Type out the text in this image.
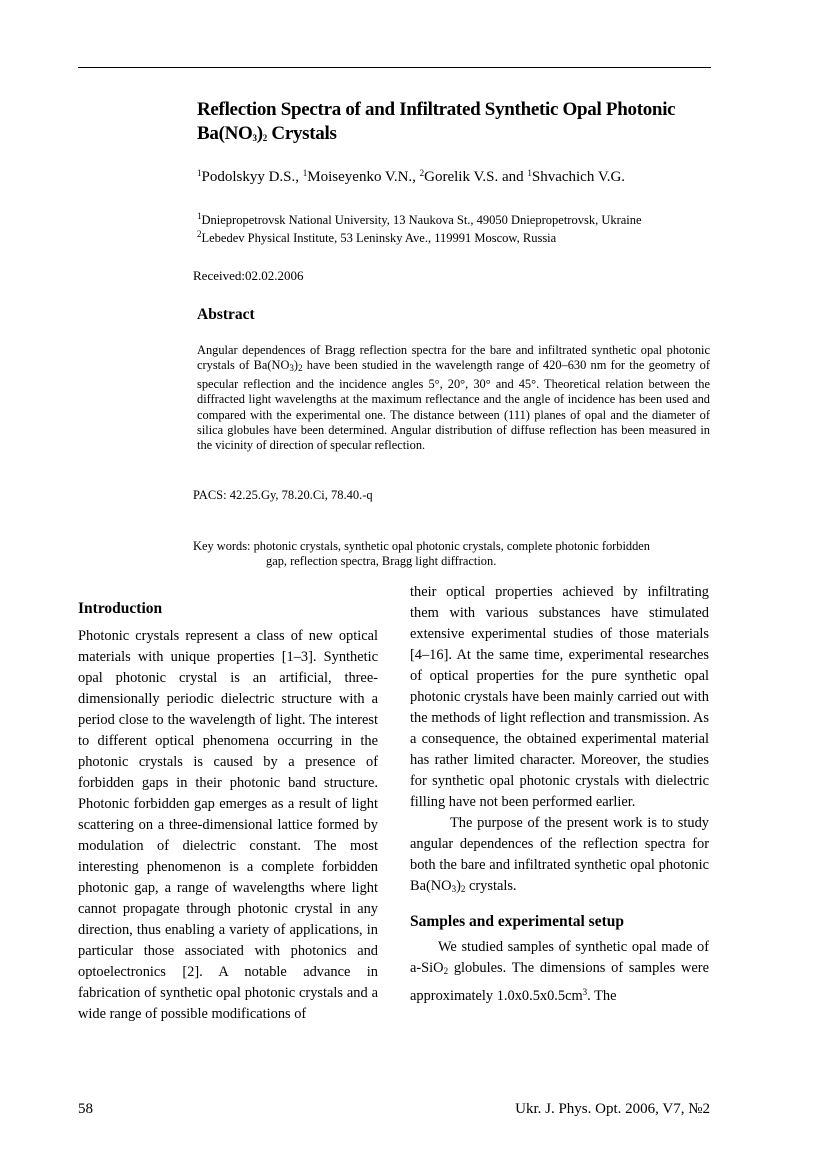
Reflection Spectra of and Infiltrated Synthetic Opal Photonic
$Ba(NO_3)_2$ Crystals
$^1$Podolskyy D.S., $^1$Moiseyenko V.N., $^2$Gorelik V.S. and $^1$Shvachich V.G.
$^1$Dniepropetrovsk National University, 13 Naukova St., 49050 Dniepropetrovsk, Ukraine
$^2$Lebedev Physical Institute, 53 Leninsky Ave., 119991 Moscow, Russia
Received:02.02.2006
Abstract
Angular dependences of Bragg reflection spectra for the bare and infiltrated synthetic opal photonic crystals of $Ba(NO_3)_2$ have been studied in the wavelength range of 420–630 nm for the geometry of specular reflection and the incidence angles 5°, 20°, 30° and 45°. Theoretical relation between the diffracted light wavelengths at the maximum reflectance and the angle of incidence has been used and compared with the experimental one. The distance between (111) planes of opal and the diameter of silica globules have been determined. Angular distribution of diffuse reflection has been measured in the vicinity of direction of specular reflection.
PACS: 42.25.Gy, 78.20.Ci, 78.40.-q
Key words: photonic crystals, synthetic opal photonic crystals, complete photonic forbidden
gap, reflection spectra, Bragg light diffraction.
Introduction

Photonic crystals represent a class of new optical materials with unique properties [1–3]. Synthetic opal photonic crystal is an artificial, three-dimensionally periodic dielectric structure with a period close to the wavelength of light. The interest to different optical phenomena occurring in the photonic crystals is caused by a presence of forbidden gaps in their photonic band structure. Photonic forbidden gap emerges as a result of light scattering on a three-dimensional lattice formed by modulation of dielectric constant. The most interesting phenomenon is a complete forbidden photonic gap, a range of wavelengths where light cannot propagate through photonic crystal in any direction, thus enabling a variety of applications, in particular those associated with photonics and optoelectronics [2]. A notable advance in fabrication of synthetic opal photonic crystals and a wide range of possible modifications of

their optical properties achieved by infiltrating them with various substances have stimulated extensive experimental studies of those materials [4–16]. At the same time, experimental researches of optical properties for the pure synthetic opal photonic crystals have been mainly carried out with the methods of light reflection and transmission. As a consequence, the obtained experimental material has rather limited character. Moreover, the studies for synthetic opal photonic crystals with dielectric filling have not been performed earlier.

The purpose of the present work is to study angular dependences of the reflection spectra for both the bare and infiltrated synthetic opal photonic $Ba(NO_3)_2$ crystals.

Samples and experimental setup

We studied samples of synthetic opal made of a-SiO$_2$ globules. The dimensions of samples were approximately $1.0x0.5x0.5cm^3$. The

58	Ukr. J. Phys. Opt. 2006, V7, №2
